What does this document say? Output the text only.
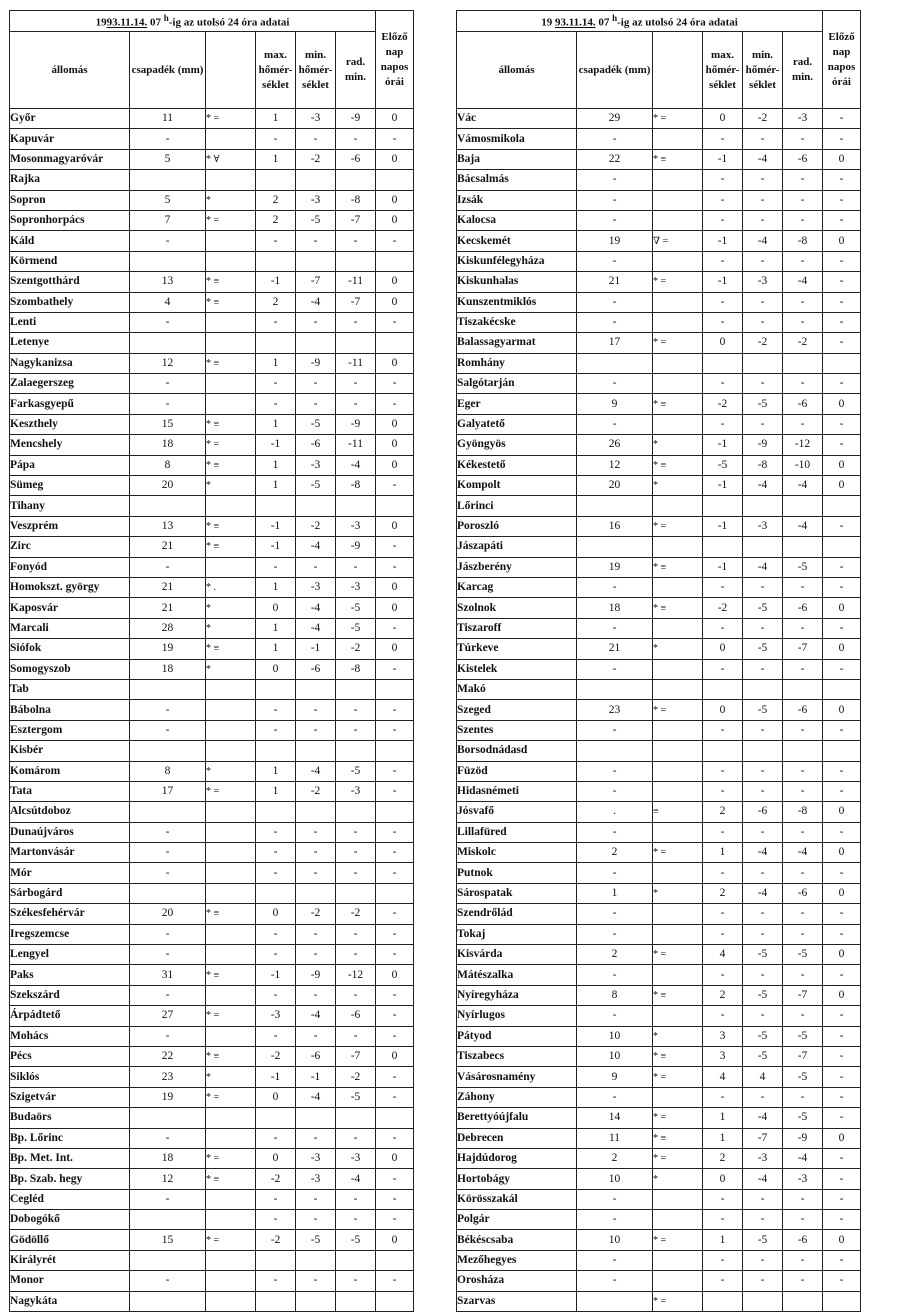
1993.11.14. 07 $^h$-ig az utolsó 24 óra adatai						Előző nap napos órái
állomás	csapadék (mm)		max. hőmér-séklet	min. hőmér-séklet	rad. min.	
Győr	11	* =	1	-3	-9	0
Kapuvár	-		-	-	-	-
Mosonmagyaróvár	5	* ∀	1	-2	-6	0
Rajka						
Sopron	5	*	2	-3	-8	0
Sopronhorpács	7	* =	2	-5	-7	0
Káld	-		-	-	-	-
Körmend						
Szentgotthárd	13	* ≡	-1	-7	-11	0
Szombathely	4	* ≡	2	-4	-7	0
Lenti	-		-	-	-	-
Letenye						
Nagykanizsa	12	* ≡	1	-9	-11	0
Zalaegerszeg	-		-	-	-	-
Farkasgyepű	-		-	-	-	-
Keszthely	15	* ≡	1	-5	-9	0
Mencshely	18	* =	-1	-6	-11	0
Pápa	8	* ≡	1	-3	-4	0
Sümeg	20	*	1	-5	-8	-
Tihany						
Veszprém	13	* ≡	-1	-2	-3	0
Zirc	21	* ≡	-1	-4	-9	-
Fonyód	-		-	-	-	-
Homokszt. györgy	21	* .	1	-3	-3	0
Kaposvár	21	*	0	-4	-5	0
Marcali	28	*	1	-4	-5	-
Siófok	19	* ≡	1	-1	-2	0
Somogyszob	18	*	0	-6	-8	-
Tab						
Bábolna	-		-	-	-	-
Esztergom	-		-	-	-	-
Kisbér						
Komárom	8	*	1	-4	-5	-
Tata	17	* =	1	-2	-3	-
Alcsútdoboz						
Dunaújváros	-		-	-	-	-
Martonvásár	-		-	-	-	-
Mór	-		-	-	-	-
Sárbogárd						
Székesfehérvár	20	* ≡	0	-2	-2	-
Iregszemcse	-		-	-	-	-
Lengyel	-		-	-	-	-
Paks	31	* ≡	-1	-9	-12	0
Szekszárd	-		-	-	-	-
Árpádtető	27	* =	-3	-4	-6	-
Mohács	-		-	-	-	-
Pécs	22	* ≡	-2	-6	-7	0
Siklós	23	*	-1	-1	-2	-
Szigetvár	19	* =	0	-4	-5	-
Budaörs						
Bp. Lőrinc	-		-	-	-	-
Bp. Met. Int.	18	* =	0	-3	-3	0
Bp. Szab. hegy	12	* ≡	-2	-3	-4	-
Cegléd	-		-	-	-	-
Dobogókő			-	-	-	-
Gödöllő	15	* =	-2	-5	-5	0
Királyrét						
Monor	-		-	-	-	-
Nagykáta						
19 93.11.14. 07 $^h$-ig az utolsó 24 óra adatai						Előző nap napos órái
állomás	csapadék (mm)		max. hőmér-séklet	min. hőmér-séklet	rad. min.	
Vác	29	* =	0	-2	-3	-
Vámosmikola	-		-	-	-	-
Baja	22	* ≡	-1	-4	-6	0
Bácsalmás	-		-	-	-	-
Izsák	-		-	-	-	-
Kalocsa	-		-	-	-	-
Kecskemét	19	∇ =	-1	-4	-8	0
Kiskunfélegyháza	-		-	-	-	-
Kiskunhalas	21	* =	-1	-3	-4	-
Kunszentmiklós	-		-	-	-	-
Tiszakécske	-		-	-	-	-
Balassagyarmat	17	* =	0	-2	-2	-
Romhány						
Salgótarján	-		-	-	-	-
Eger	9	* ≡	-2	-5	-6	0
Galyatető	-		-	-	-	-
Gyöngyös	26	*	-1	-9	-12	-
Kékestető	12	* ≡	-5	-8	-10	0
Kompolt	20	*	-1	-4	-4	0
Lőrinci						
Poroszló	16	* =	-1	-3	-4	-
Jászapáti						
Jászberény	19	* ≡	-1	-4	-5	-
Karcag	-		-	-	-	-
Szolnok	18	* ≡	-2	-5	-6	0
Tiszaroff	-		-	-	-	-
Túrkeve	21	*	0	-5	-7	0
Kistelek	-		-	-	-	-
Makó						
Szeged	23	* =	0	-5	-6	0
Szentes	-		-	-	-	-
Borsodnádasd						
Füzöd	-		-	-	-	-
Hidasnémeti	-		-	-	-	-
Jósvafő	.	≡	2	-6	-8	0
Lillafüred	-		-	-	-	-
Miskolc	2	* =	1	-4	-4	0
Putnok	-		-	-	-	-
Sárospatak	1	*	2	-4	-6	0
Szendrőlád	-		-	-	-	-
Tokaj	-		-	-	-	-
Kisvárda	2	* =	4	-5	-5	0
Mátészalka	-		-	-	-	-
Nyíregyháza	8	* ≡	2	-5	-7	0
Nyírlugos	-		-	-	-	-
Pátyod	10	*	3	-5	-5	-
Tiszabecs	10	* ≡	3	-5	-7	-
Vásárosnamény	9	* =	4	4	-5	-
Záhony	-		-	-	-	-
Berettyóújfalu	14	* =	1	-4	-5	-
Debrecen	11	* ≡	1	-7	-9	0
Hajdúdorog	2	* =	2	-3	-4	-
Hortobágy	10	*	0	-4	-3	-
Körösszakál	-		-	-	-	-
Polgár	-		-	-	-	-
Békéscsaba	10	* =	1	-5	-6	0
Mezőhegyes	-		-	-	-	-
Orosháza	-		-	-	-	-
Szarvas		* =				
